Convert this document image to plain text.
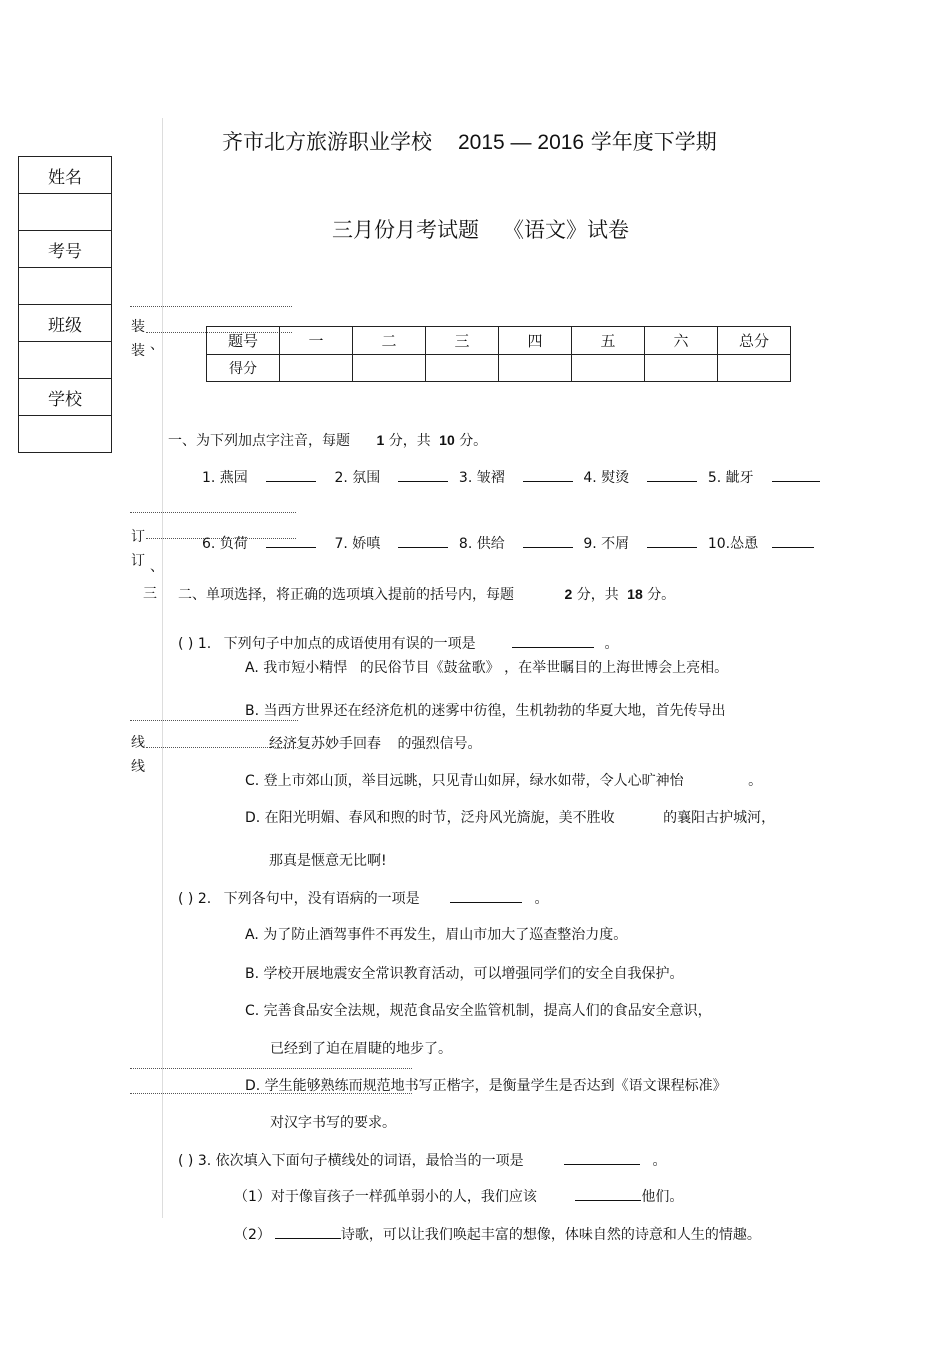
齐市北方旅游职业学校 2015 — 2016 学年度下学期
三月份月考试题 《语文》试卷
姓名

考号

班级

学校

装
装 、
订
订 、
三
线
线
题号	一	二	三	四	五	六	总分
得分							
一、为下列加点字注音，每题 1 分，共 10 分。
1. 燕园	2. 氛围	3. 皱褶	4. 熨烫	5. 龇牙
6. 负荷	7. 娇嗔	8. 供给	9. 不屑	10.怂恿
二、单项选择，将正确的选项填入提前的括号内，每题	2 分，共 18 分。
( ) 1. 下列句子中加点的成语使用有误的一项是	。
A. 我市短小精悍 的民俗节目《鼓盆歌》 ，在举世瞩目的上海世博会上亮相。
B. 当西方世界还在经济危机的迷雾中彷徨，生机勃勃的华夏大地，首先传导出
经济复苏妙手回春 的强烈信号。
C. 登上市郊山顶，举目远眺，只见青山如屏，绿水如带，令人心旷神怡	。
D. 在阳光明媚、春风和煦的时节，泛舟风光旖旎，美不胜收	的襄阳古护城河，
那真是惬意无比啊!
( ) 2. 下列各句中，没有语病的一项是	。
A. 为了防止酒驾事件不再发生，眉山市加大了巡查整治力度。
B. 学校开展地震安全常识教育活动，可以增强同学们的安全自我保护。
C. 完善食品安全法规，规范食品安全监管机制，提高人们的食品安全意识，
已经到了迫在眉睫的地步了。
D. 学生能够熟练而规范地书写正楷字，是衡量学生是否达到《语文课程标准》
对汉字书写的要求。
( ) 3. 依次填入下面句子横线处的词语，最恰当的一项是	。
（1）对于像盲孩子一样孤单弱小的人，我们应该	他们。
（2）	诗歌，可以让我们唤起丰富的想像，体味自然的诗意和人生的情趣。
